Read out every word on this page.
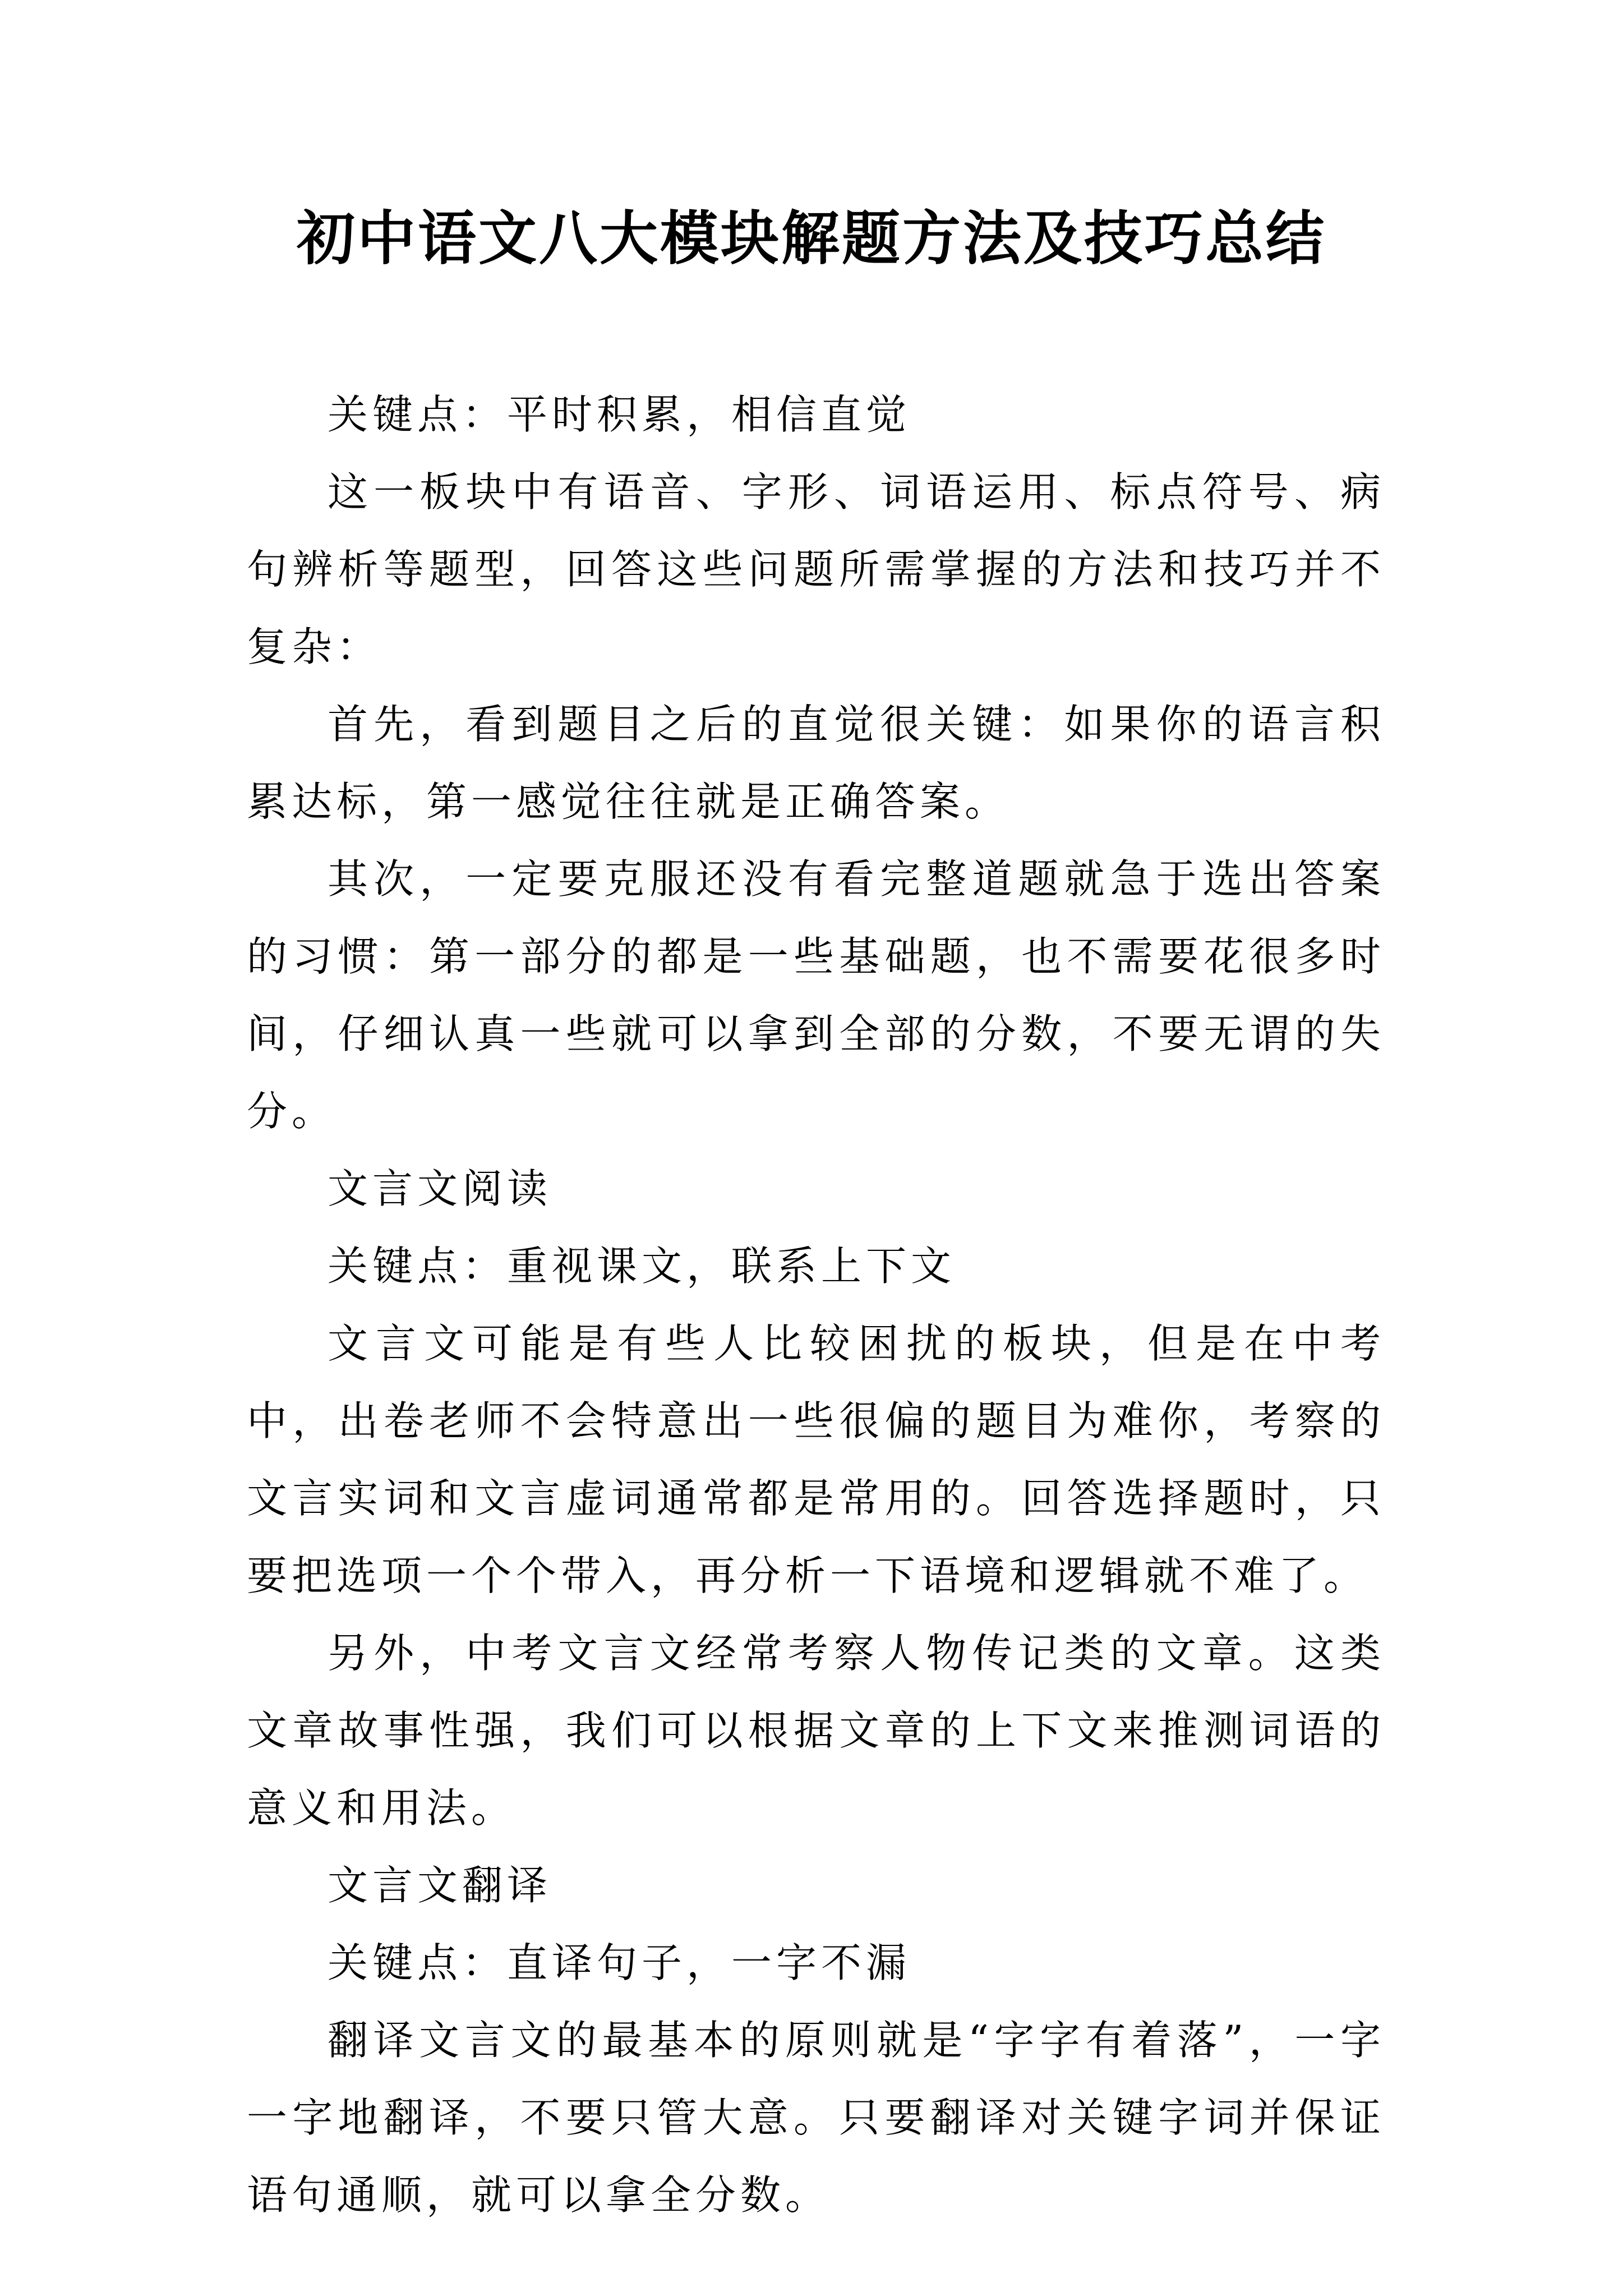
初中语文八大模块解题方法及技巧总结

关键点：平时积累，相信直觉

这一板块中有语音、字形、词语运用、标点符号、病句辨析等题型，回答这些问题所需掌握的方法和技巧并不复杂：

首先，看到题目之后的直觉很关键：如果你的语言积累达标，第一感觉往往就是正确答案。

其次，一定要克服还没有看完整道题就急于选出答案的习惯：第一部分的都是一些基础题，也不需要花很多时间，仔细认真一些就可以拿到全部的分数，不要无谓的失分。

文言文阅读

关键点：重视课文，联系上下文

文言文可能是有些人比较困扰的板块，但是在中考中，出卷老师不会特意出一些很偏的题目为难你，考察的文言实词和文言虚词通常都是常用的。回答选择题时，只要把选项一个个带入，再分析一下语境和逻辑就不难了。

另外，中考文言文经常考察人物传记类的文章。这类文章故事性强，我们可以根据文章的上下文来推测词语的意义和用法。

文言文翻译

关键点：直译句子，一字不漏

翻译文言文的最基本的原则就是“字字有着落”，一字一字地翻译，不要只管大意。只要翻译对关键字词并保证语句通顺，就可以拿全分数。
